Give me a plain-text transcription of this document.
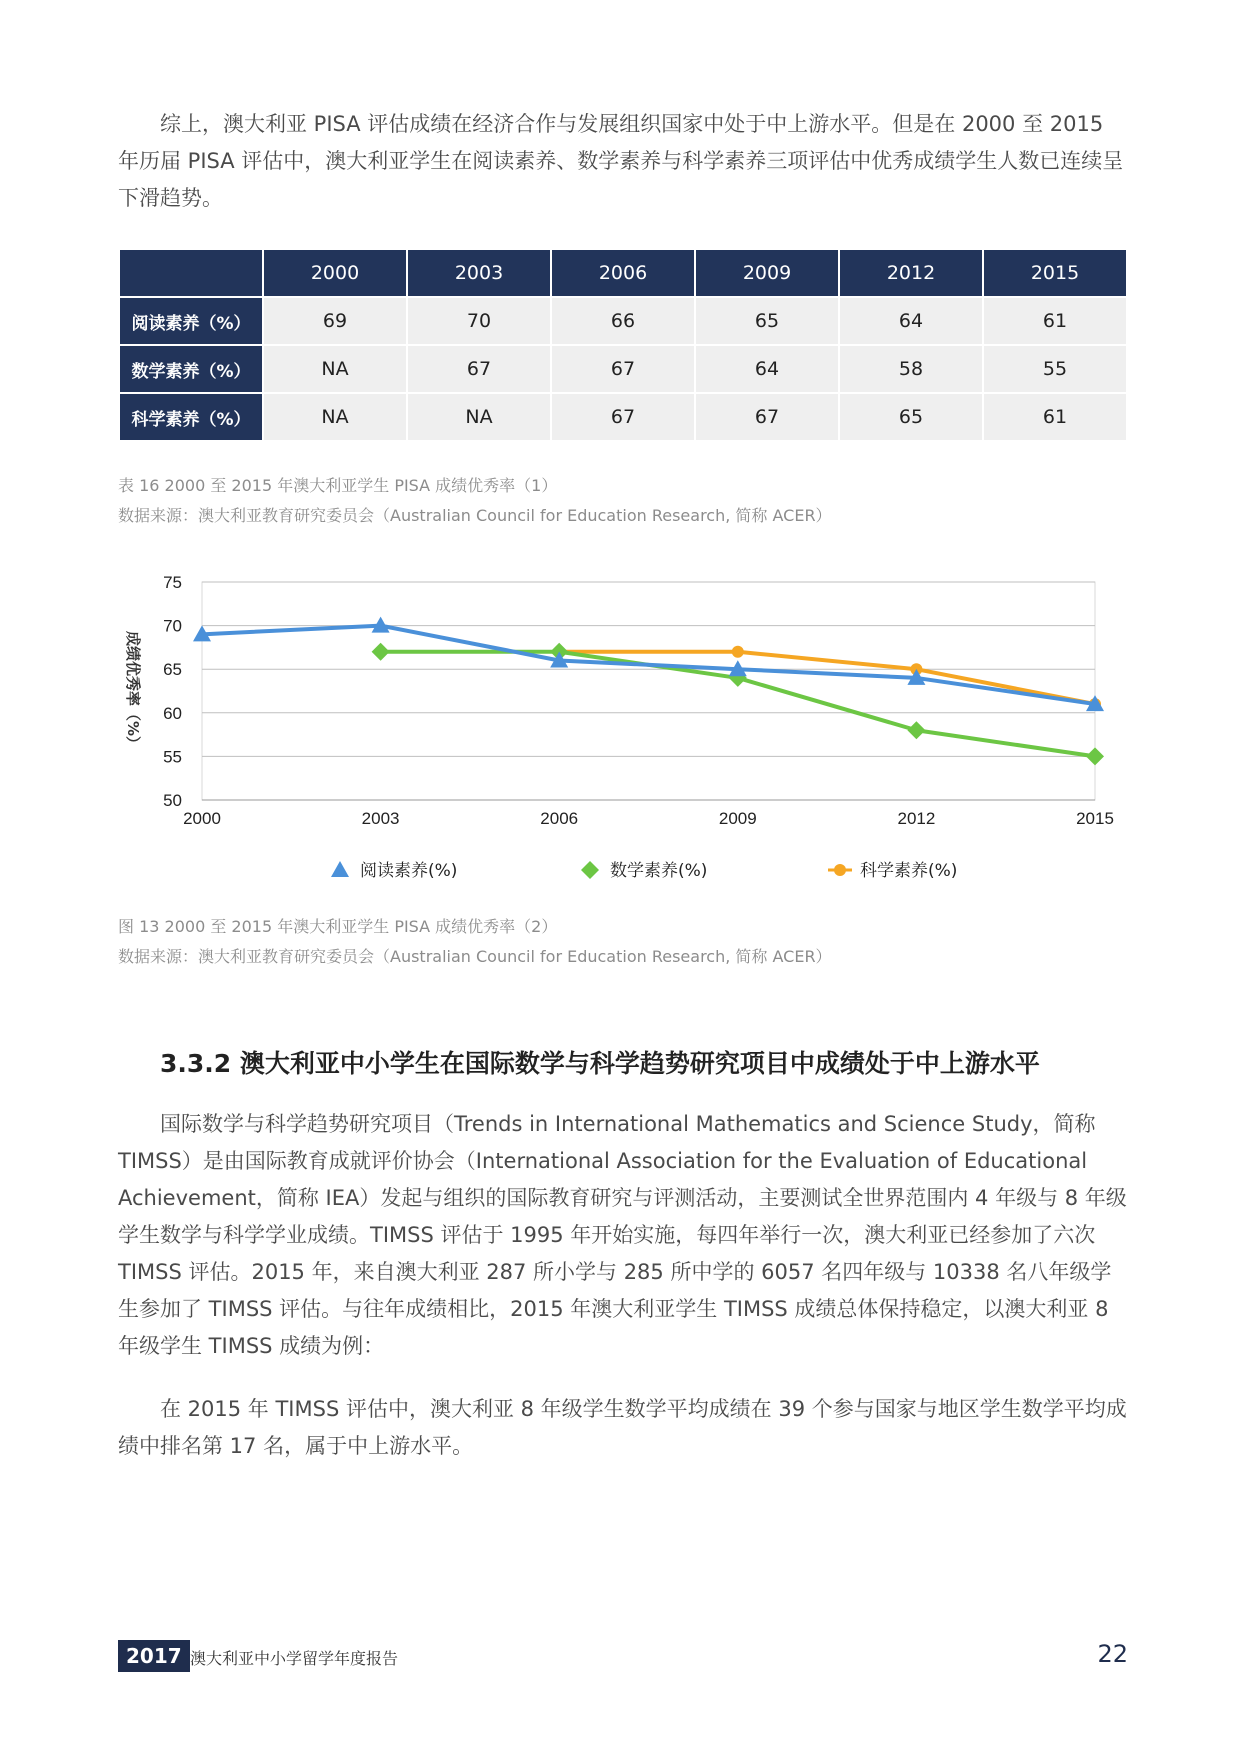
综上，澳大利亚 PISA 评估成绩在经济合作与发展组织国家中处于中上游水平。但是在 2000 至 2015 年历届 PISA 评估中，澳大利亚学生在阅读素养、数学素养与科学素养三项评估中优秀成绩学生人数已连续呈下滑趋势。

	2000	2003	2006	2009	2012	2015
阅读素养（%）	69	70	66	65	64	61
数学素养（%）	NA	67	67	64	58	55
科学素养（%）	NA	NA	67	67	65	61

表 16 2000 至 2015 年澳大利亚学生 PISA 成绩优秀率（1）

数据来源：澳大利亚教育研究委员会（Australian Council for Education Research, 简称 ACER）

50
55
60
65
70
75
2000	2003	2006	2009	2012	2015
成绩优秀率（%）
阅读素养(%)	数学素养(%)	科学素养(%)

图 13 2000 至 2015 年澳大利亚学生 PISA 成绩优秀率（2）

数据来源：澳大利亚教育研究委员会（Australian Council for Education Research, 简称 ACER）

3.3.2 澳大利亚中小学生在国际数学与科学趋势研究项目中成绩处于中上游水平

国际数学与科学趋势研究项目（Trends in International Mathematics and Science Study，简称 TIMSS）是由国际教育成就评价协会（International Association for the Evaluation of Educational Achievement，简称 IEA）发起与组织的国际教育研究与评测活动，主要测试全世界范围内 4 年级与 8 年级学生数学与科学学业成绩。TIMSS 评估于 1995 年开始实施，每四年举行一次，澳大利亚已经参加了六次 TIMSS 评估。2015 年，来自澳大利亚 287 所小学与 285 所中学的 6057 名四年级与 10338 名八年级学生参加了 TIMSS 评估。与往年成绩相比，2015 年澳大利亚学生 TIMSS 成绩总体保持稳定，以澳大利亚 8 年级学生 TIMSS 成绩为例：

在 2015 年 TIMSS 评估中，澳大利亚 8 年级学生数学平均成绩在 39 个参与国家与地区学生数学平均成绩中排名第 17 名，属于中上游水平。

2017 澳大利亚中小学留学年度报告	22
